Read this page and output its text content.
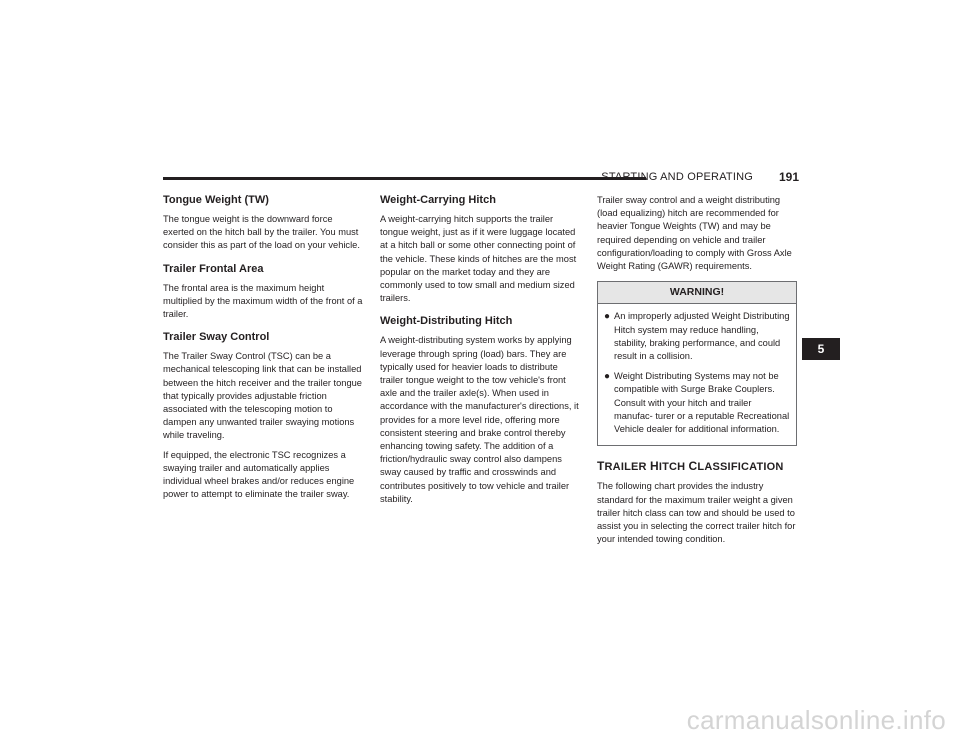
STARTING AND OPERATING 191
Tongue Weight (TW)

The tongue weight is the downward force exerted on the hitch ball by the trailer. You must consider this as part of the load on your vehicle.

Trailer Frontal Area

The frontal area is the maximum height multiplied by the maximum width of the front of a trailer.

Trailer Sway Control

The Trailer Sway Control (TSC) can be a mechanical telescoping link that can be installed between the hitch receiver and the trailer tongue that typically provides adjustable friction associated with the telescoping motion to dampen any unwanted trailer swaying motions while traveling.

If equipped, the electronic TSC recognizes a swaying trailer and automatically applies individual wheel brakes and/or reduces engine power to attempt to eliminate the trailer sway.

Weight-Carrying Hitch

A weight-carrying hitch supports the trailer tongue weight, just as if it were luggage located at a hitch ball or some other connecting point of the vehicle. These kinds of hitches are the most popular on the market today and they are commonly used to tow small and medium sized trailers.

Weight-Distributing Hitch

A weight-distributing system works by applying leverage through spring (load) bars. They are typically used for heavier loads to distribute trailer tongue weight to the tow vehicle's front axle and the trailer axle(s). When used in accordance with the manufacturer's directions, it provides for a more level ride, offering more consistent steering and brake control thereby enhancing towing safety. The addition of a friction/hydraulic sway control also dampens sway caused by traffic and crosswinds and contributes positively to tow vehicle and trailer stability.

Trailer sway control and a weight distributing (load equalizing) hitch are recommended for heavier Tongue Weights (TW) and may be required depending on vehicle and trailer configuration/loading to comply with Gross Axle Weight Rating (GAWR) requirements.

WARNING!
● An improperly adjusted Weight Distributing Hitch system may reduce handling, stability, braking performance, and could result in a collision.
● Weight Distributing Systems may not be compatible with Surge Brake Couplers. Consult with your hitch and trailer manufac- turer or a reputable Recreational Vehicle dealer for additional information.
TRAILER HITCH CLASSIFICATION

The following chart provides the industry standard for the maximum trailer weight a given trailer hitch class can tow and should be used to assist you in selecting the correct trailer hitch for your intended towing condition.

5
carmanualsonline.info
